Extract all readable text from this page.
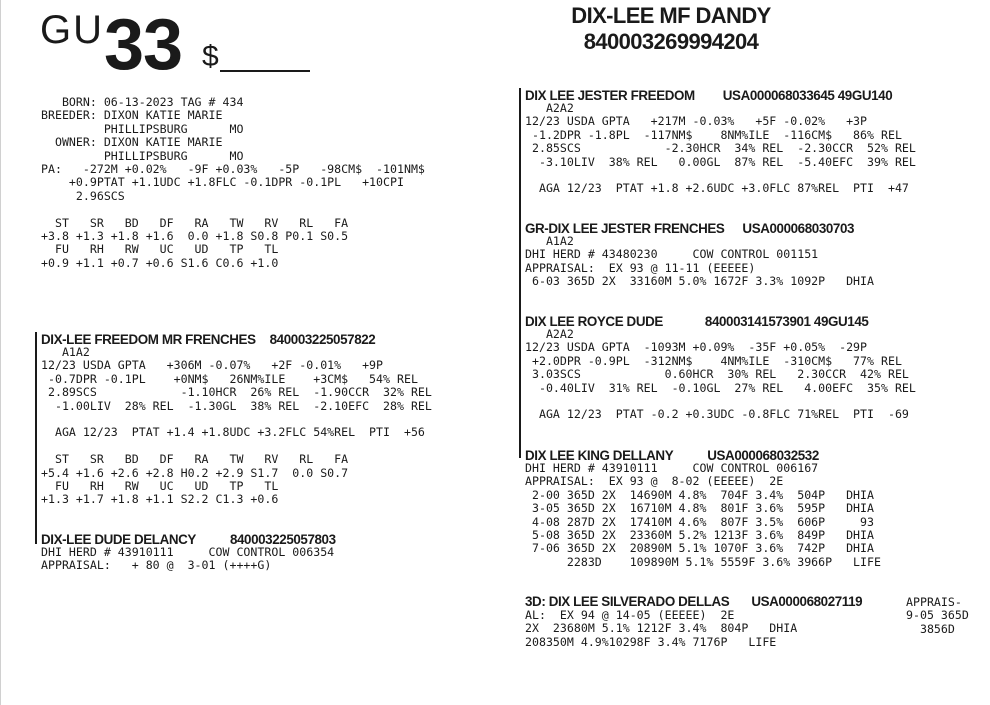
GU33 $
DIX-LEE MF DANDY
840003269994204
BORN: 06-13-2023 TAG # 434
BREEDER: DIXON KATIE MARIE
PHILLIPSBURG      MO
OWNER: DIXON KATIE MARIE
PHILLIPSBURG      MO
PA:   -272M +0.02%   -9F +0.03%   -5P   -98CM$  -101NM$
+0.9PTAT +1.1UDC +1.8FLC -0.1DPR -0.1PL   +10CPI
2.96SCS

ST   SR   BD   DF   RA   TW   RV   RL   FA
+3.8 +1.3 +1.8 +1.6  0.0 +1.8 S0.8 P0.1 S0.5
FU   RH   RW   UC   UD   TP   TL
+0.9 +1.1 +0.7 +0.6 S1.6 C0.6 +1.0
DIX-LEE FREEDOM MR FRENCHES 840003225057822
A1A2
12/23 USDA GPTA   +306M -0.07%   +2F -0.01%   +9P
-0.7DPR -0.1PL    +0NM$   26NM%ILE    +3CM$   54% REL
2.89SCS            -1.10HCR  26% REL  -1.90CCR  32% REL
-1.00LIV  28% REL  -1.30GL  38% REL  -2.10EFC  28% REL

AGA 12/23  PTAT +1.4 +1.8UDC +3.2FLC 54%REL  PTI  +56

ST   SR   BD   DF   RA   TW   RV   RL   FA
+5.4 +1.6 +2.6 +2.8 H0.2 +2.9 S1.7  0.0 S0.7
FU   RH   RW   UC   UD   TP   TL
+1.3 +1.7 +1.8 +1.1 S2.2 C1.3 +0.6
DIX-LEE DUDE DELANCY	840003225057803
DHI HERD # 43910111     COW CONTROL 006354
APPRAISAL:   + 80 @  3-01 (++++G)
DIX LEE JESTER FREEDOM USA000068033645 49GU140
A2A2
12/23 USDA GPTA   +217M -0.03%   +5F -0.02%   +3P
-1.2DPR -1.8PL  -117NM$    8NM%ILE  -116CM$   86% REL
2.85SCS            -2.30HCR  34% REL  -2.30CCR  52% REL
-3.10LIV  38% REL   0.00GL  87% REL  -5.40EFC  39% REL

AGA 12/23  PTAT +1.8 +2.6UDC +3.0FLC 87%REL  PTI  +47
GR-DIX LEE JESTER FRENCHES USA000068030703
A1A2
DHI HERD # 43480230     COW CONTROL 001151
APPRAISAL:  EX 93 @ 11-11 (EEEEE)
6-03 365D 2X  33160M 5.0% 1672F 3.3% 1092P   DHIA
DIX LEE ROYCE DUDE	840003141573901 49GU145
A2A2
12/23 USDA GPTA  -1093M +0.09%  -35F +0.05%  -29P
+2.0DPR -0.9PL  -312NM$    4NM%ILE  -310CM$   77% REL
3.03SCS            0.60HCR  30% REL   2.30CCR  42% REL
-0.40LIV  31% REL  -0.10GL  27% REL   4.00EFC  35% REL

AGA 12/23  PTAT -0.2 +0.3UDC -0.8FLC 71%REL  PTI  -69
DIX LEE KING DELLANY	USA000068032532
DHI HERD # 43910111     COW CONTROL 006167
APPRAISAL:  EX 93 @  8-02 (EEEEE)  2E
2-00 365D 2X  14690M 4.8%  704F 3.4%  504P   DHIA
3-05 365D 2X  16710M 4.8%  801F 3.6%  595P   DHIA
4-08 287D 2X  17410M 4.6%  807F 3.5%  606P     93
5-08 365D 2X  23360M 5.2% 1213F 3.6%  849P   DHIA
7-06 365D 2X  20890M 5.1% 1070F 3.6%  742P   DHIA
2283D    109890M 5.1% 5559F 3.6% 3966P   LIFE
3D: DIX LEE SILVERADO DELLAS USA000068027119	APPRAIS-
9-05 365D
3856D
AL:  EX 94 @ 14-05 (EEEEE)  2E
2X  23680M 5.1% 1212F 3.4%  804P   DHIA
208350M 4.9%10298F 3.4% 7176P   LIFE
